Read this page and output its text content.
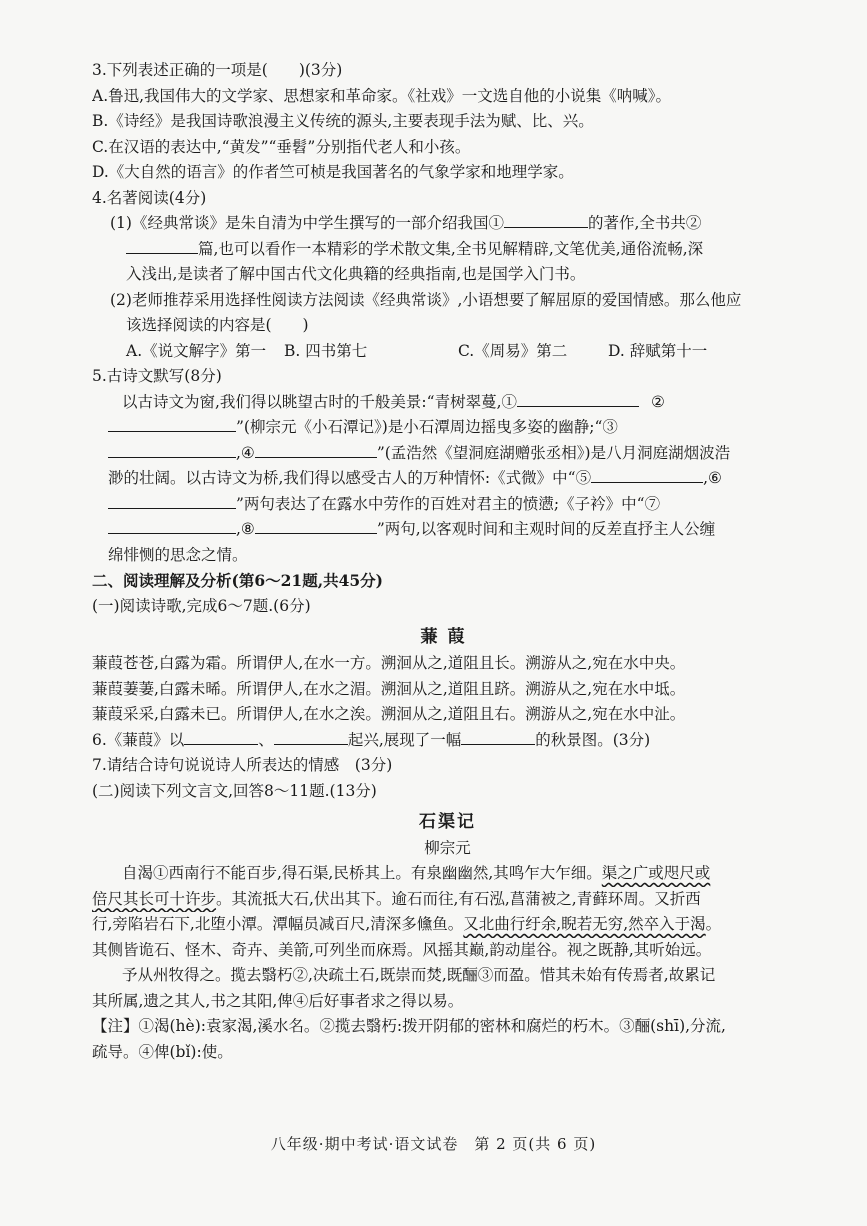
3.下列表述正确的一项是(　　)(3分)
A.鲁迅,我国伟大的文学家、思想家和革命家。《社戏》一文选自他的小说集《呐喊》。
B.《诗经》是我国诗歌浪漫主义传统的源头,主要表现手法为赋、比、兴。
C.在汉语的表达中,“黄发”“垂髫”分别指代老人和小孩。
D.《大自然的语言》的作者竺可桢是我国著名的气象学家和地理学家。
4.名著阅读(4分)
(1)《经典常谈》是朱自清为中学生撰写的一部介绍我国①	的著作,全书共②
篇,也可以看作一本精彩的学术散文集,全书见解精辟,文笔优美,通俗流畅,深
入浅出,是读者了解中国古代文化典籍的经典指南,也是国学入门书。
(2)老师推荐采用选择性阅读方法阅读《经典常谈》,小语想要了解屈原的爱国情感。那么他应
该选择阅读的内容是(　　)
A.《说文解字》第一 B. 四书第七	C.《周易》第二	D. 辞赋第十一
5.古诗文默写(8分)
以古诗文为窗,我们得以眺望古时的千般美景:“青树翠蔓,①	②
”(柳宗元《小石潭记》)是小石潭周边摇曳多姿的幽静;“③
,④	”(孟浩然《望洞庭湖赠张丞相》)是八月洞庭湖烟波浩
渺的壮阔。以古诗文为桥,我们得以感受古人的万种情怀:《式微》中“⑤	,⑥
”两句表达了在露水中劳作的百姓对君主的愤懑;《子衿》中“⑦
,⑧	”两句,以客观时间和主观时间的反差直抒主人公缠
绵悱恻的思念之情。
二、阅读理解及分析(第6～21题,共45分)
(一)阅读诗歌,完成6～7题.(6分)
蒹葭
蒹葭苍苍,白露为霜。所谓伊人,在水一方。溯洄从之,道阻且长。溯游从之,宛在水中央。
蒹葭萋萋,白露未晞。所谓伊人,在水之湄。溯洄从之,道阻且跻。溯游从之,宛在水中坻。
蒹葭采采,白露未已。所谓伊人,在水之涘。溯洄从之,道阻且右。溯游从之,宛在水中沚。
6.《蒹葭》以	、	起兴,展现了一幅	的秋景图。(3分)
7.请结合诗句说说诗人所表达的情感　(3分)
(二)阅读下列文言文,回答8～11题.(13分)
石渠记
柳宗元
自渴①西南行不能百步,得石渠,民桥其上。有泉幽幽然,其鸣乍大乍细。渠之广或咫尺或
倍尺其长可十许步。其流抵大石,伏出其下。逾石而往,有石泓,菖蒲被之,青藓环周。又折西
行,旁陷岩石下,北堕小潭。潭幅员减百尺,清深多儵鱼。又北曲行纡余,睨若无穷,然卒入于渴。
其侧皆诡石、怪木、奇卉、美箭,可列坐而庥焉。风摇其巅,韵动崖谷。视之既静,其听始远。
予从州牧得之。揽去翳朽②,决疏土石,既崇而焚,既酾③而盈。惜其未始有传焉者,故累记
其所属,遗之其人,书之其阳,俾④后好事者求之得以易。
【注】①渴(hè):袁家渴,溪水名。②揽去翳朽:拨开阴郁的密林和腐烂的朽木。③酾(shī),分流,
疏导。④俾(bǐ):使。
八年级·期中考试·语文试卷　第 2 页(共 6 页)
